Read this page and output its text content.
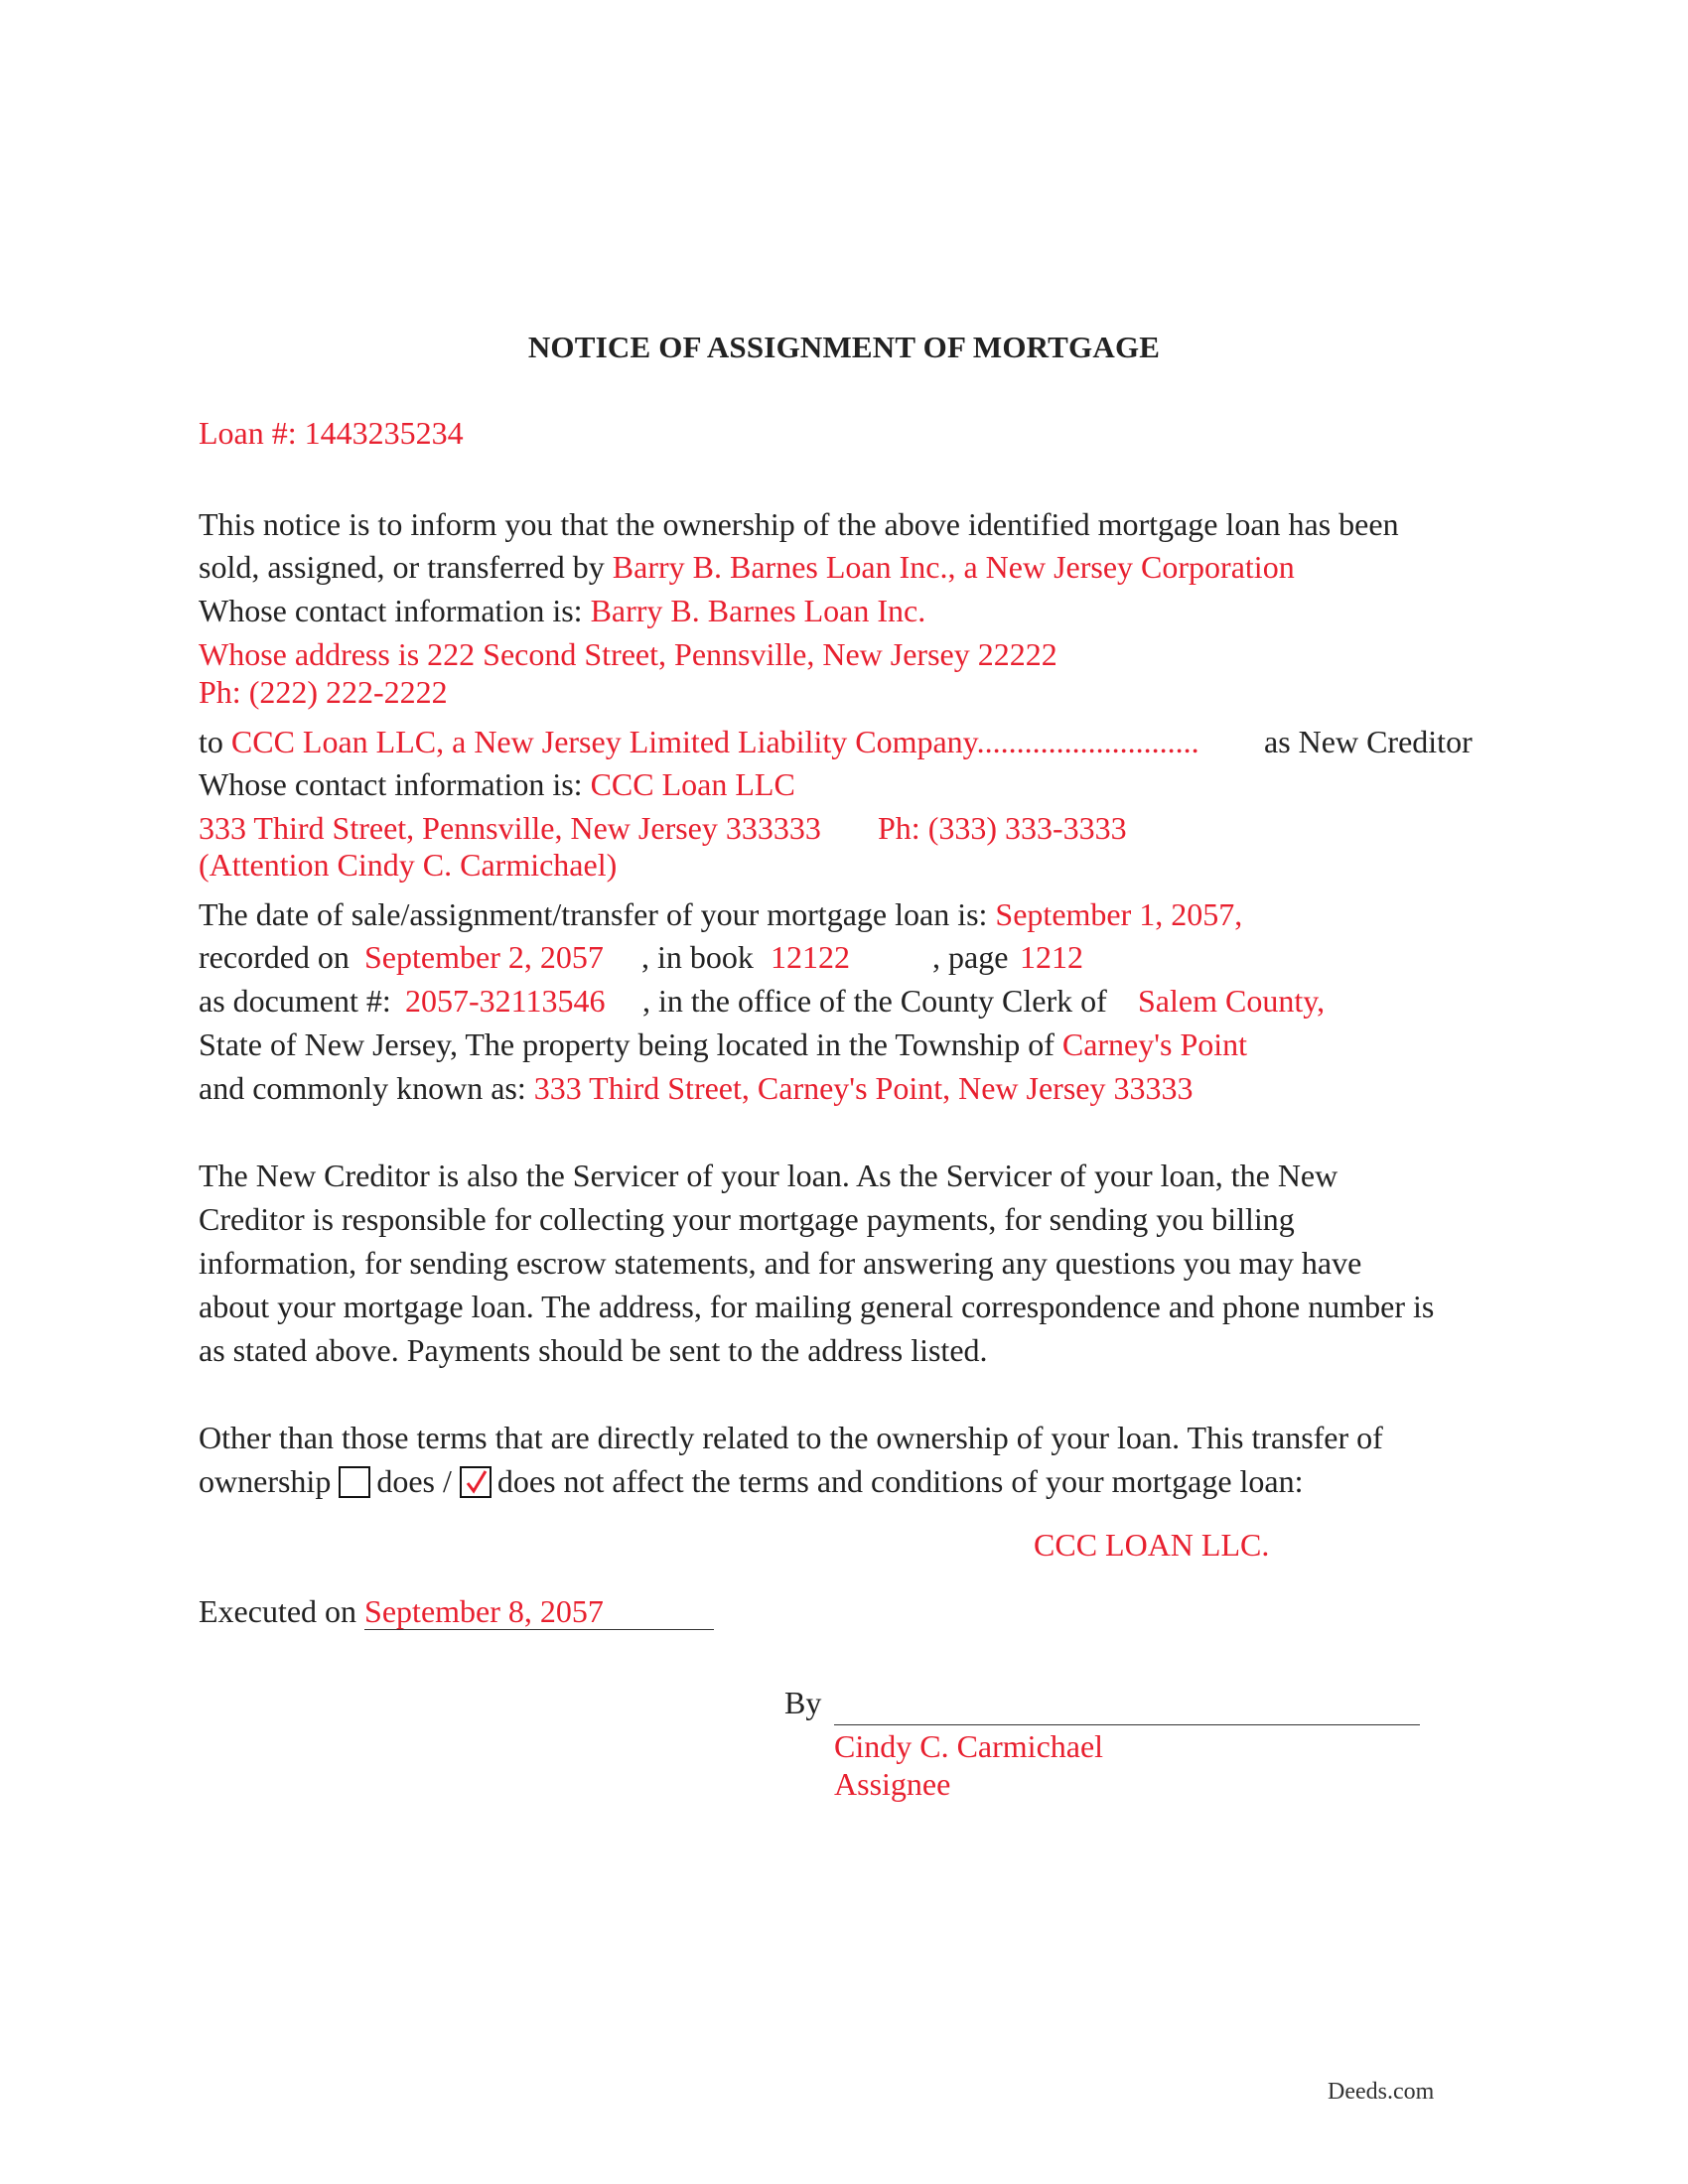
NOTICE OF ASSIGNMENT OF MORTGAGE
Loan #: 1443235234
This notice is to inform you that the ownership of the above identified mortgage loan has been
sold, assigned, or transferred by Barry B. Barnes Loan Inc., a New Jersey Corporation
Whose contact information is: Barry B. Barnes Loan Inc.
Whose address is 222 Second Street, Pennsville, New Jersey 22222
Ph: (222) 222-2222
to CCC Loan LLC, a New Jersey Limited Liability Company............................ as New Creditor
Whose contact information is: CCC Loan LLC
333 Third Street, Pennsville, New Jersey 333333 Ph: (333) 333-3333
(Attention Cindy C. Carmichael)
The date of sale/assignment/transfer of your mortgage loan is: September 1, 2057,
recorded on September 2, 2057 , in book 12122	, page 1212
as document #: 2057-32113546 , in the office of the County Clerk of Salem County,
State of New Jersey, The property being located in the Township of Carney's Point
and commonly known as: 333 Third Street, Carney's Point, New Jersey 33333
The New Creditor is also the Servicer of your loan. As the Servicer of your loan, the New
Creditor is responsible for collecting your mortgage payments, for sending you billing
information, for sending escrow statements, and for answering any questions you may have
about your mortgage loan. The address, for mailing general correspondence and phone number is
as stated above. Payments should be sent to the address listed.
Other than those terms that are directly related to the ownership of your loan. This transfer of
ownership does / does not affect the terms and conditions of your mortgage loan:
CCC LOAN LLC.
Executed on September 8, 2057
By
Cindy C. Carmichael
Assignee
Deeds.com
